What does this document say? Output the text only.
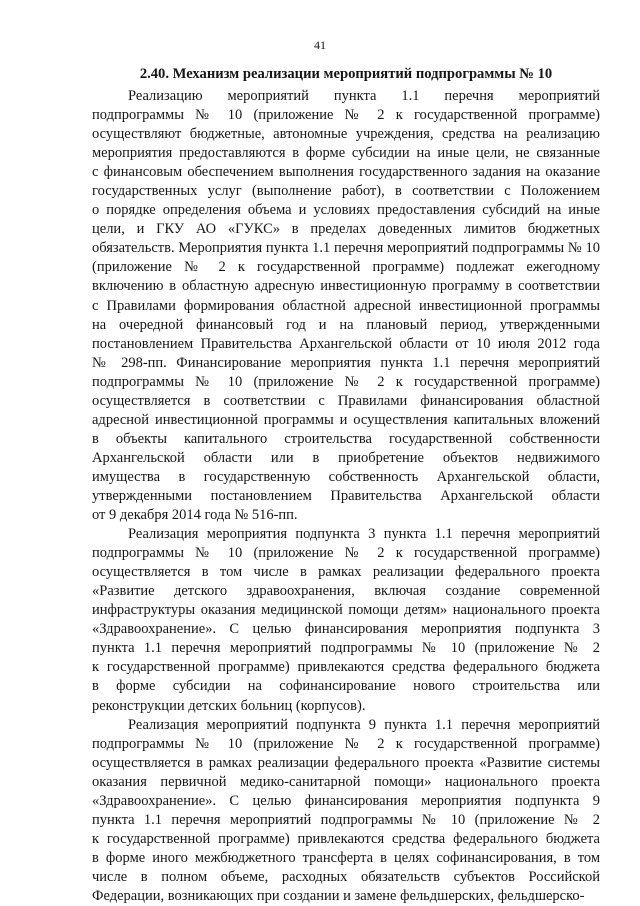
41
2.40. Механизм реализации мероприятий подпрограммы № 10

Реализацию мероприятий пункта 1.1 перечня мероприятий
подпрограммы № 10 (приложение № 2 к государственной программе)
осуществляют бюджетные, автономные учреждения, средства на реализацию
мероприятия предоставляются в форме субсидии на иные цели, не связанные
с финансовым обеспечением выполнения государственного задания на оказание
государственных услуг (выполнение работ), в соответствии с Положением
о порядке определения объема и условиях предоставления субсидий на иные
цели, и ГКУ АО «ГУКС» в пределах доведенных лимитов бюджетных
обязательств. Мероприятия пункта 1.1 перечня мероприятий подпрограммы № 10
(приложение № 2 к государственной программе) подлежат ежегодному
включению в областную адресную инвестиционную программу в соответствии
с Правилами формирования областной адресной инвестиционной программы
на очередной финансовый год и на плановый период, утвержденными
постановлением Правительства Архангельской области от 10 июля 2012 года
№ 298-пп. Финансирование мероприятия пункта 1.1 перечня мероприятий
подпрограммы № 10 (приложение № 2 к государственной программе)
осуществляется в соответствии с Правилами финансирования областной
адресной инвестиционной программы и осуществления капитальных вложений
в объекты капитального строительства государственной собственности
Архангельской области или в приобретение объектов недвижимого
имущества в государственную собственность Архангельской области,
утвержденными постановлением Правительства Архангельской области
от 9 декабря 2014 года № 516-пп.

Реализация мероприятия подпункта 3 пункта 1.1 перечня мероприятий
подпрограммы № 10 (приложение № 2 к государственной программе)
осуществляется в том числе в рамках реализации федерального проекта
«Развитие детского здравоохранения, включая создание современной
инфраструктуры оказания медицинской помощи детям» национального проекта
«Здравоохранение». С целью финансирования мероприятия подпункта 3
пункта 1.1 перечня мероприятий подпрограммы № 10 (приложение № 2
к государственной программе) привлекаются средства федерального бюджета
в форме субсидии на софинансирование нового строительства или
реконструкции детских больниц (корпусов).

Реализация мероприятий подпункта 9 пункта 1.1 перечня мероприятий
подпрограммы № 10 (приложение № 2 к государственной программе)
осуществляется в рамках реализации федерального проекта «Развитие системы
оказания первичной медико-санитарной помощи» национального проекта
«Здравоохранение». С целью финансирования мероприятия подпункта 9
пункта 1.1 перечня мероприятий подпрограммы № 10 (приложение № 2
к государственной программе) привлекаются средства федерального бюджета
в форме иного межбюджетного трансферта в целях софинансирования, в том
числе в полном объеме, расходных обязательств субъектов Российской
Федерации, возникающих при создании и замене фельдшерских, фельдшерско-
